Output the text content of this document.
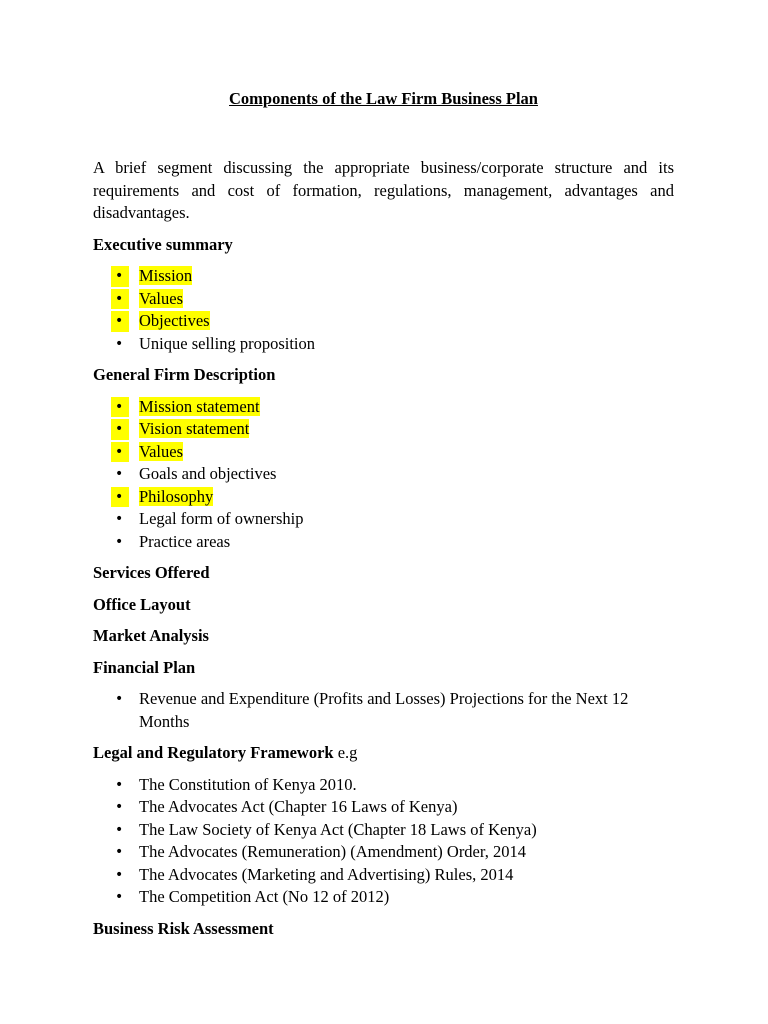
Components of the Law Firm Business Plan

A brief segment discussing the appropriate business/corporate structure and its requirements and cost of formation, regulations, management, advantages and disadvantages.

Executive summary

• Mission
• Values
• Objectives
• Unique selling proposition

General Firm Description

• Mission statement
• Vision statement
• Values
• Goals and objectives
• Philosophy
• Legal form of ownership
• Practice areas

Services Offered

Office Layout

Market Analysis

Financial Plan

• Revenue and Expenditure (Profits and Losses) Projections for the Next 12 Months

Legal and Regulatory Framework e.g

• The Constitution of Kenya 2010.
• The Advocates Act (Chapter 16 Laws of Kenya)
• The Law Society of Kenya Act (Chapter 18 Laws of Kenya)
• The Advocates (Remuneration) (Amendment) Order, 2014
• The Advocates (Marketing and Advertising) Rules, 2014
• The Competition Act (No 12 of 2012)

Business Risk Assessment
